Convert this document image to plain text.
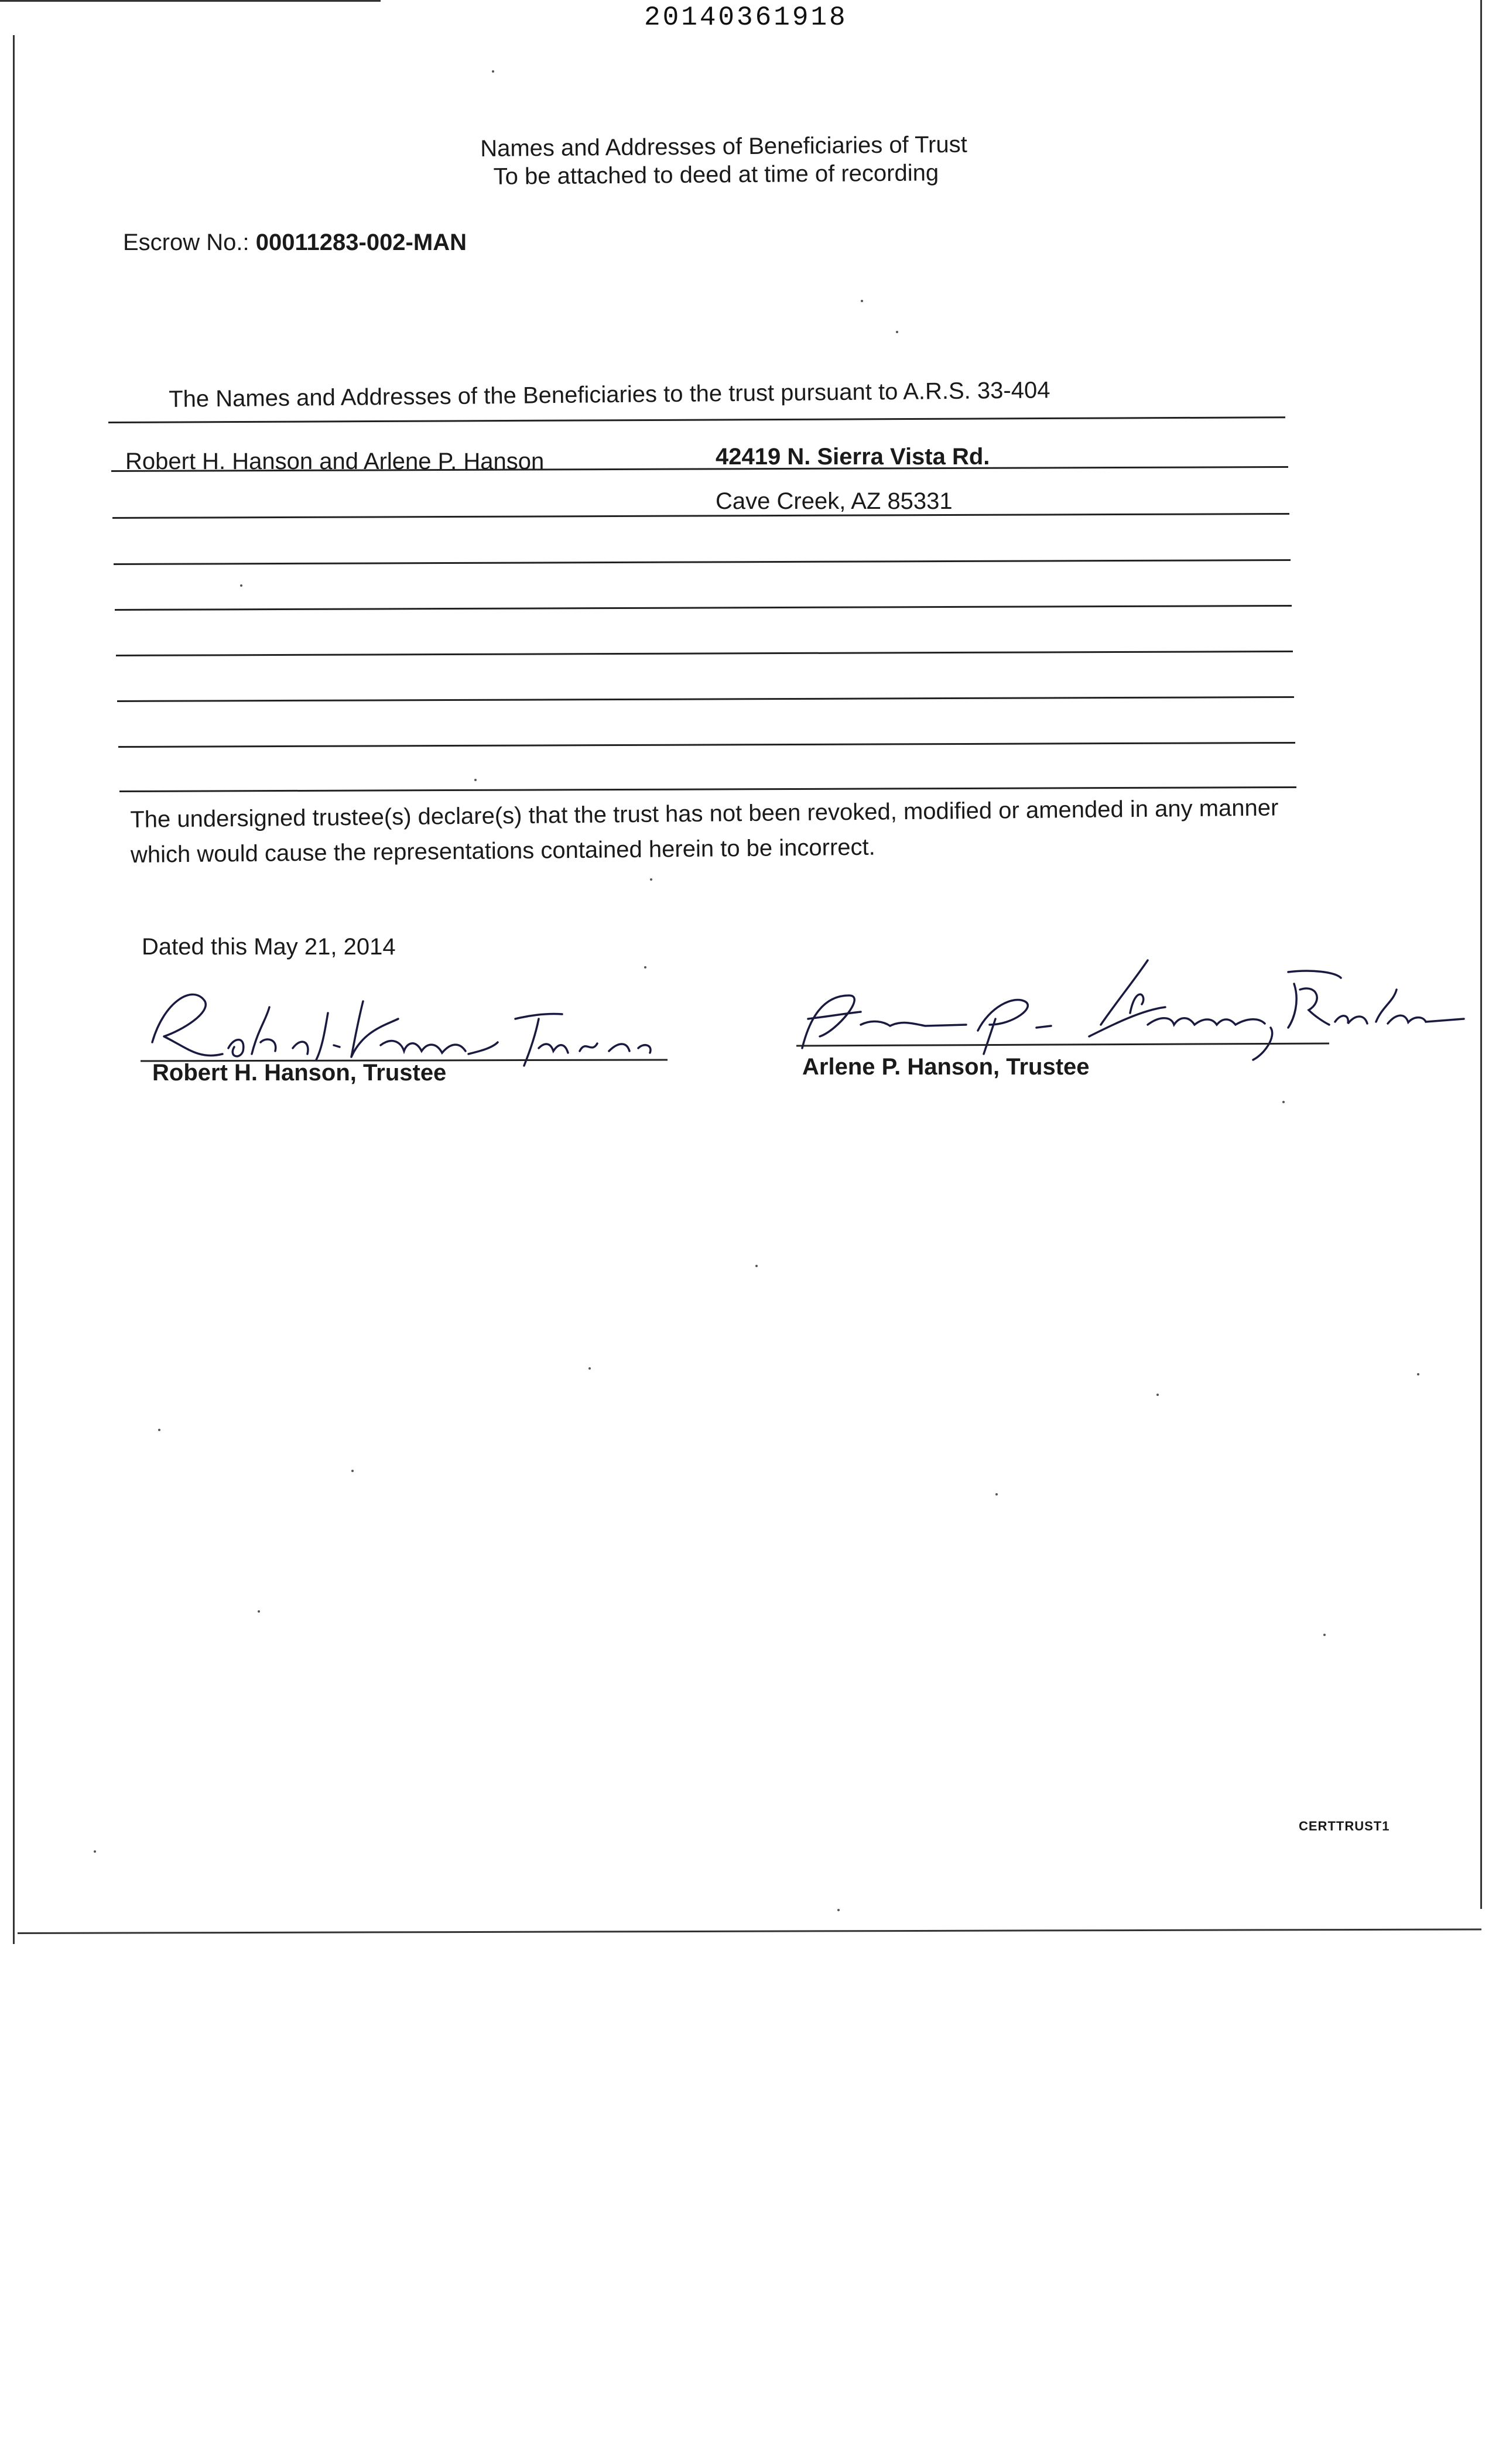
20140361918
Names and Addresses of Beneficiaries of Trust
To be attached to deed at time of recording
Escrow No.: 00011283-002-MAN
The Names and Addresses of the Beneficiaries to the trust pursuant to A.R.S. 33-404
Robert H. Hanson and Arlene P. Hanson	42419 N. Sierra Vista Rd.
Cave Creek, AZ 85331
The undersigned trustee(s) declare(s) that the trust has not been revoked, modified or amended in any manner
which would cause the representations contained herein to be incorrect.
Dated this May 21, 2014
Robert H. Hanson, Trustee	Arlene P. Hanson, Trustee
CERTTRUST1
